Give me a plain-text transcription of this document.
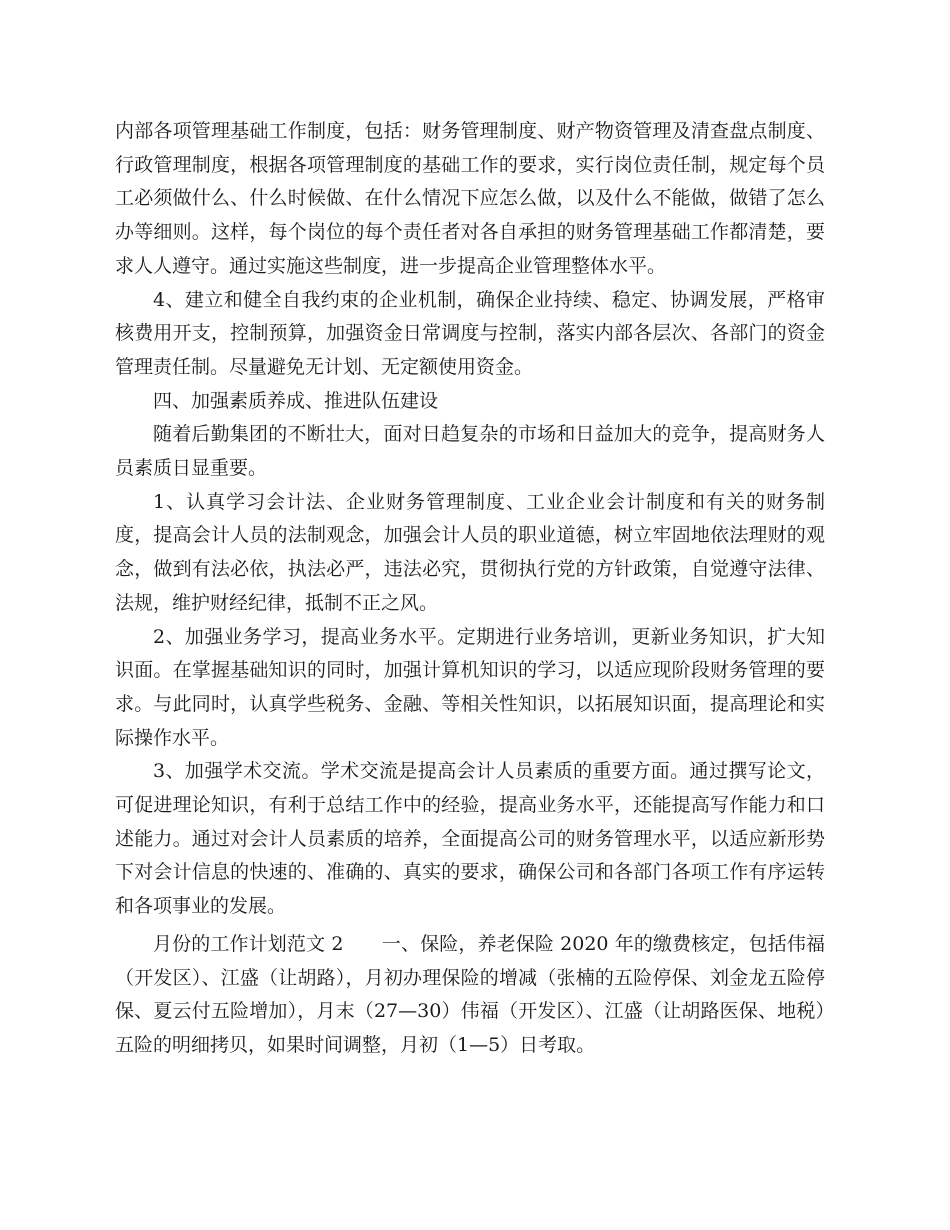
内部各项管理基础工作制度，包括：财务管理制度、财产物资管理及清查盘点制度、行政管理制度，根据各项管理制度的基础工作的要求，实行岗位责任制，规定每个员工必须做什么、什么时候做、在什么情况下应怎么做，以及什么不能做，做错了怎么办等细则。这样，每个岗位的每个责任者对各自承担的财务管理基础工作都清楚，要求人人遵守。通过实施这些制度，进一步提高企业管理整体水平。

4、建立和健全自我约束的企业机制，确保企业持续、稳定、协调发展，严格审核费用开支，控制预算，加强资金日常调度与控制，落实内部各层次、各部门的资金管理责任制。尽量避免无计划、无定额使用资金。

四、加强素质养成、推进队伍建设

随着后勤集团的不断壮大，面对日趋复杂的市场和日益加大的竞争，提高财务人员素质日显重要。

1、认真学习会计法、企业财务管理制度、工业企业会计制度和有关的财务制度，提高会计人员的法制观念，加强会计人员的职业道德，树立牢固地依法理财的观念，做到有法必依，执法必严，违法必究，贯彻执行党的方针政策，自觉遵守法律、法规，维护财经纪律，抵制不正之风。

2、加强业务学习，提高业务水平。定期进行业务培训，更新业务知识，扩大知识面。在掌握基础知识的同时，加强计算机知识的学习，以适应现阶段财务管理的要求。与此同时，认真学些税务、金融、等相关性知识，以拓展知识面，提高理论和实际操作水平。

3、加强学术交流。学术交流是提高会计人员素质的重要方面。通过撰写论文，可促进理论知识，有利于总结工作中的经验，提高业务水平，还能提高写作能力和口述能力。通过对会计人员素质的培养，全面提高公司的财务管理水平，以适应新形势下对会计信息的快速的、准确的、真实的要求，确保公司和各部门各项工作有序运转和各项事业的发展。

月份的工作计划范文 2　　一、保险，养老保险 2020 年的缴费核定，包括伟福（开发区）、江盛（让胡路），月初办理保险的增减（张楠的五险停保、刘金龙五险停保、夏云付五险增加），月末（27—30）伟福（开发区）、江盛（让胡路医保、地税）五险的明细拷贝，如果时间调整，月初（1—5）日考取。
